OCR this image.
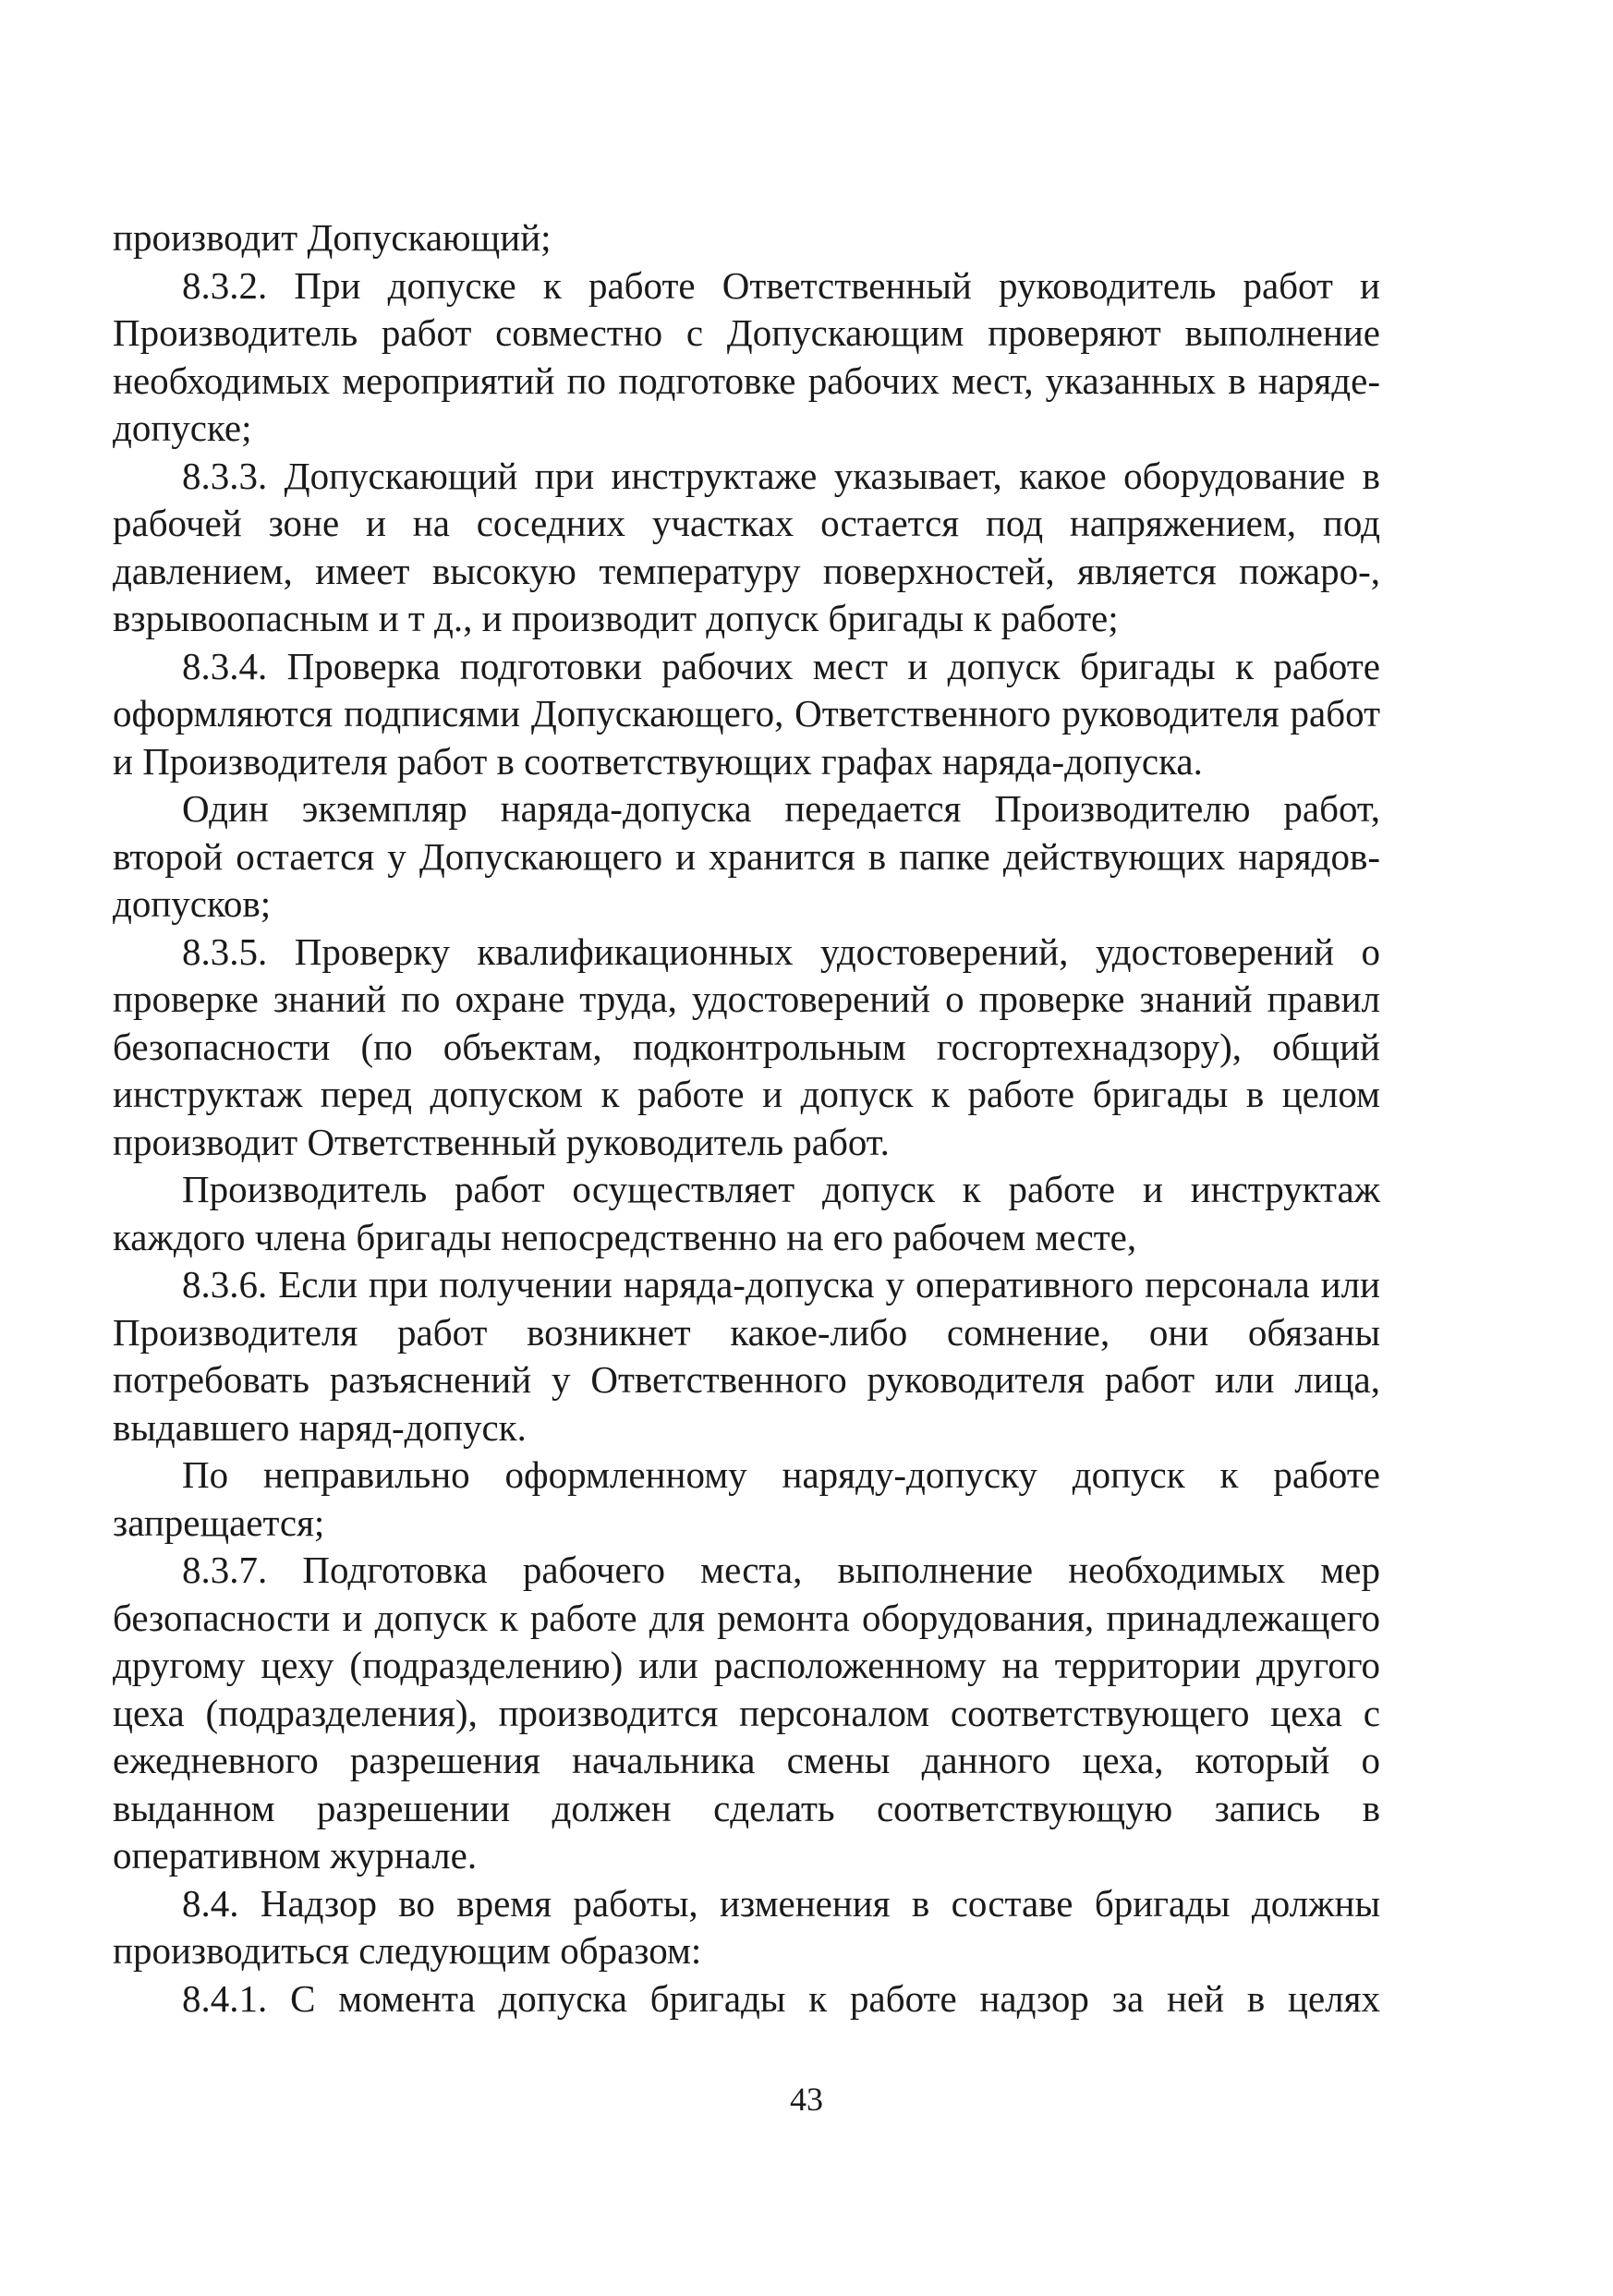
производит Допускающий;

8.3.2. При допуске к работе Ответственный руководитель работ и Производитель работ совместно с Допускающим проверяют выполнение необходимых мероприятий по подготовке рабочих мест, указанных в наряде-допуске;

8.3.3. Допускающий при инструктаже указывает, какое оборудование в рабочей зоне и на соседних участках остается под напряжением, под давлением, имеет высокую температуру поверхностей, является пожаро-, взрывоопасным и т д., и производит допуск бригады к работе;

8.3.4. Проверка подготовки рабочих мест и допуск бригады к работе оформляются подписями Допускающего, Ответственного руководителя работ и Производителя работ в соответствующих графах наряда-допуска.

Один экземпляр наряда-допуска передается Производителю работ, второй остается у Допускающего и хранится в папке действующих нарядов-допусков;

8.3.5. Проверку квалификационных удостоверений, удостоверений о проверке знаний по охране труда, удостоверений о проверке знаний правил безопасности (по объектам, подконтрольным госгортехнадзору), общий инструктаж перед допуском к работе и допуск к работе бригады в целом производит Ответственный руководитель работ.

Производитель работ осуществляет допуск к работе и инструктаж каждого члена бригады непосредственно на его рабочем месте,

8.3.6. Если при получении наряда-допуска у оперативного персонала или Производителя работ возникнет какое-либо сомнение, они обязаны потребовать разъяснений у Ответственного руководителя работ или лица, выдавшего наряд-допуск.

По неправильно оформленному наряду-допуску допуск к работе запрещается;

8.3.7. Подготовка рабочего места, выполнение необходимых мер безопасности и допуск к работе для ремонта оборудования, принадлежащего другому цеху (подразделению) или расположенному на территории другого цеха (подразделения), производится персоналом соответствующего цеха с ежедневного разрешения начальника смены данного цеха, который о выданном разрешении должен сделать соответствующую запись в оперативном журнале.

8.4. Надзор во время работы, изменения в составе бригады должны производиться следующим образом:

8.4.1. С момента допуска бригады к работе надзор за ней в целях

43
